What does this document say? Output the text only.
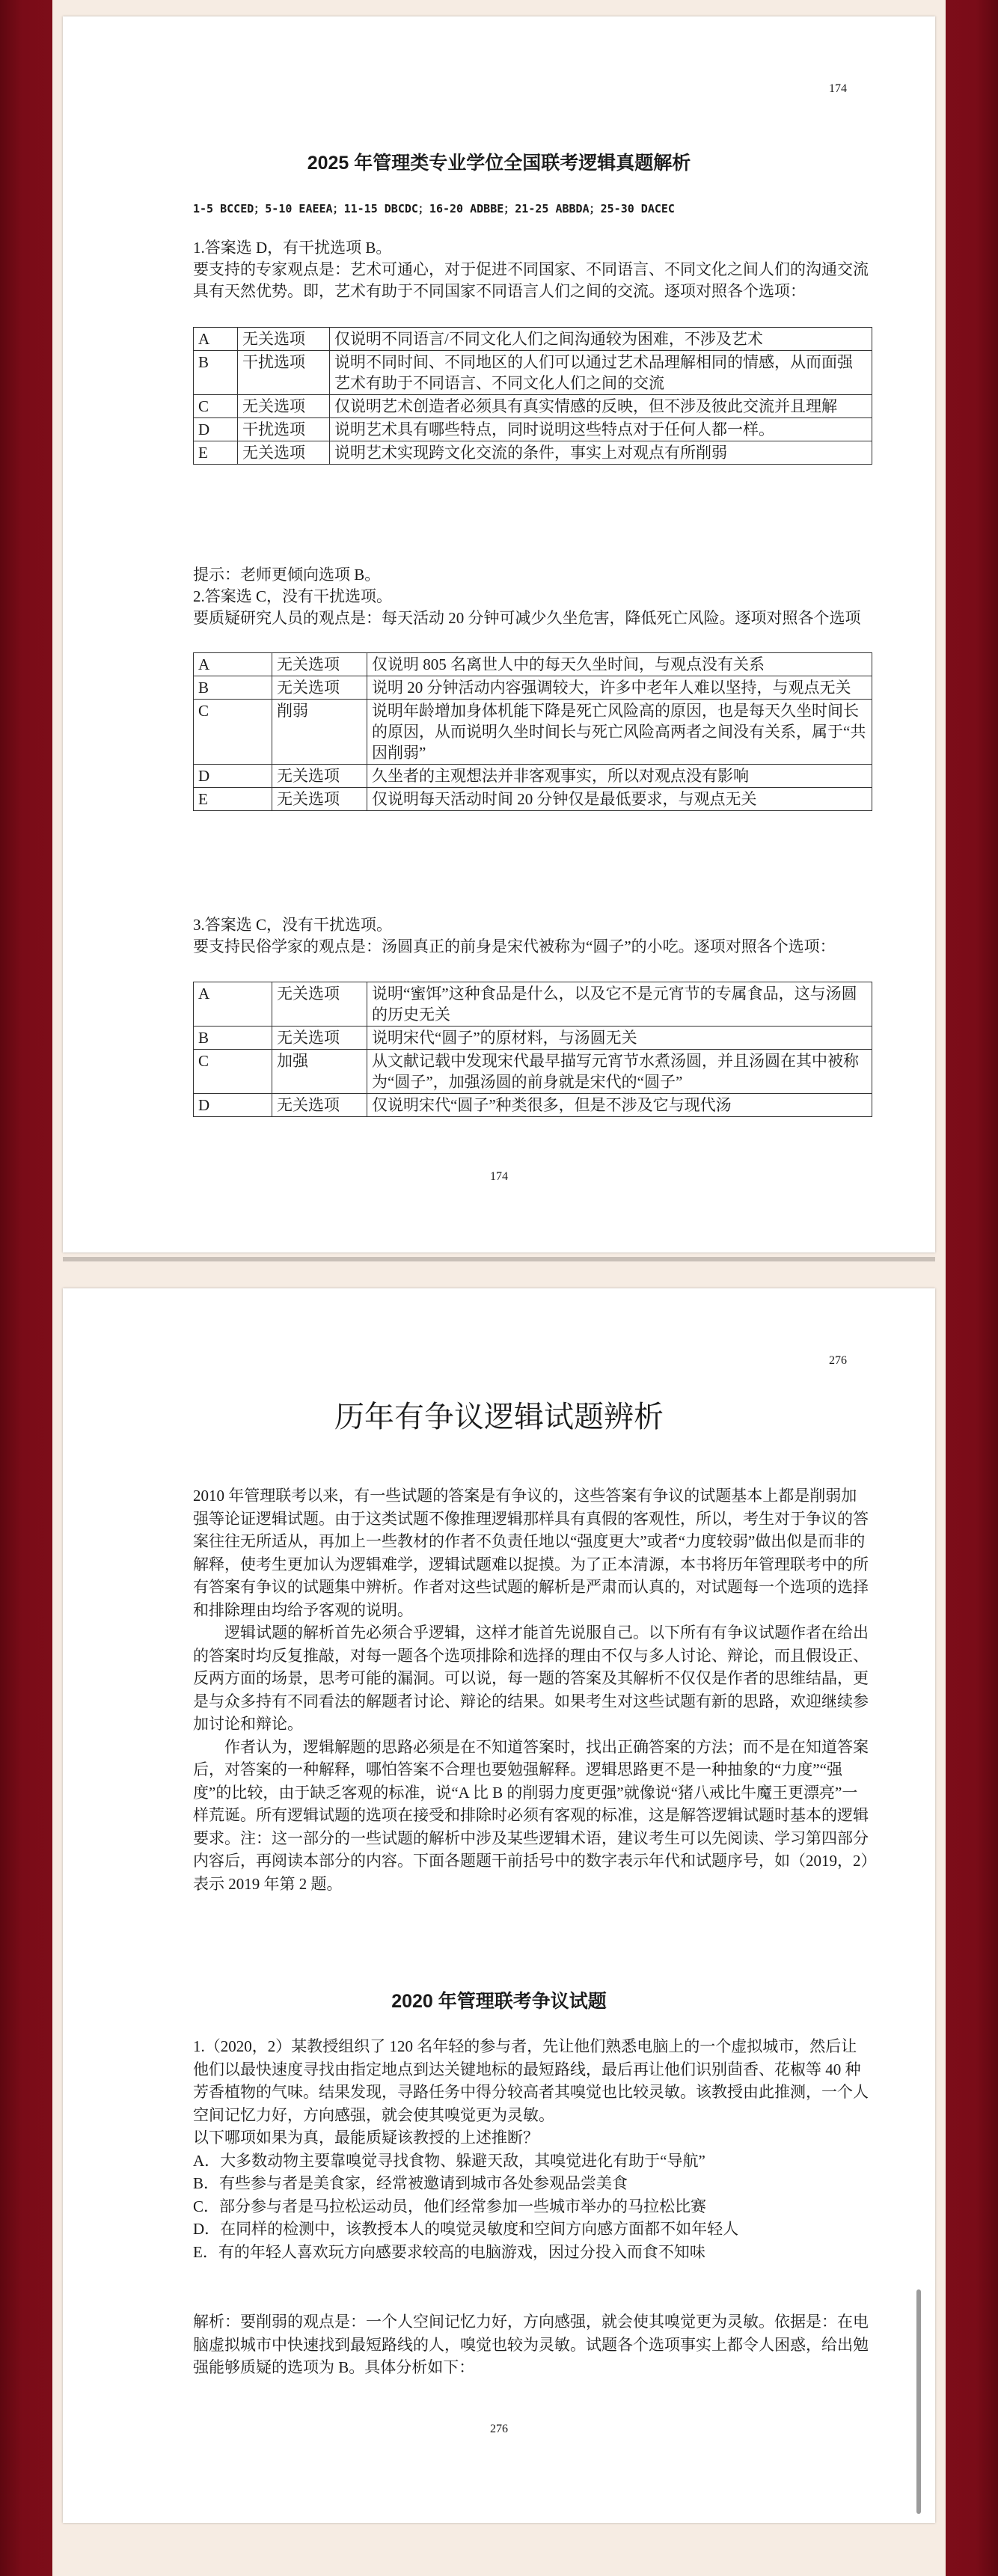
174
2025 年管理类专业学位全国联考逻辑真题解析
1-5 BCCED；5-10 EAEEA；11-15 DBCDC；16-20 ADBBE；21-25 ABBDA；25-30 DACEC

1.答案选 D，有干扰选项 B。

要支持的专家观点是：艺术可通心，对于促进不同国家、不同语言、不同文化之间人们的沟通交流具有天然优势。即，艺术有助于不同国家不同语言人们之间的交流。逐项对照各个选项：

A	无关选项	仅说明不同语言/不同文化人们之间沟通较为困难，不涉及艺术
B	干扰选项	说明不同时间、不同地区的人们可以通过艺术品理解相同的情感，从而面强艺术有助于不同语言、不同文化人们之间的交流
C	无关选项	仅说明艺术创造者必须具有真实情感的反映，但不涉及彼此交流并且理解
D	干扰选项	说明艺术具有哪些特点，同时说明这些特点对于任何人都一样。
E	无关选项	说明艺术实现跨文化交流的条件，事实上对观点有所削弱

提示：老师更倾向选项 B。

2.答案选 C，没有干扰选项。

要质疑研究人员的观点是：每天活动 20 分钟可减少久坐危害，降低死亡风险。逐项对照各个选项

A	无关选项	仅说明 805 名离世人中的每天久坐时间，与观点没有关系
B	无关选项	说明 20 分钟活动内容强调较大，许多中老年人难以坚持，与观点无关
C	削弱	说明年龄增加身体机能下降是死亡风险高的原因，也是每天久坐时间长的原因，从而说明久坐时间长与死亡风险高两者之间没有关系，属于“共因削弱”
D	无关选项	久坐者的主观想法并非客观事实，所以对观点没有影响
E	无关选项	仅说明每天活动时间 20 分钟仅是最低要求，与观点无关

3.答案选 C，没有干扰选项。

要支持民俗学家的观点是：汤圆真正的前身是宋代被称为“圆子”的小吃。逐项对照各个选项：

A	无关选项	说明“蜜饵”这种食品是什么，以及它不是元宵节的专属食品，这与汤圆的历史无关
B	无关选项	说明宋代“圆子”的原材料，与汤圆无关
C	加强	从文献记载中发现宋代最早描写元宵节水煮汤圆，并且汤圆在其中被称为“圆子”，加强汤圆的前身就是宋代的“圆子”
D	无关选项	仅说明宋代“圆子”种类很多，但是不涉及它与现代汤
174
276
历年有争议逻辑试题辨析

2010 年管理联考以来，有一些试题的答案是有争议的，这些答案有争议的试题基本上都是削弱加强等论证逻辑试题。由于这类试题不像推理逻辑那样具有真假的客观性，所以，考生对于争议的答案往往无所适从，再加上一些教材的作者不负责任地以“强度更大”或者“力度较弱”做出似是而非的解释，使考生更加认为逻辑难学，逻辑试题难以捉摸。为了正本清源，本书将历年管理联考中的所有答案有争议的试题集中辨析。作者对这些试题的解析是严肃而认真的，对试题每一个选项的选择和排除理由均给予客观的说明。

逻辑试题的解析首先必须合乎逻辑，这样才能首先说服自己。以下所有有争议试题作者在给出的答案时均反复推敲，对每一题各个选项排除和选择的理由不仅与多人讨论、辩论，而且假设正、反两方面的场景，思考可能的漏洞。可以说，每一题的答案及其解析不仅仅是作者的思维结晶，更是与众多持有不同看法的解题者讨论、辩论的结果。如果考生对这些试题有新的思路，欢迎继续参加讨论和辩论。

作者认为，逻辑解题的思路必须是在不知道答案时，找出正确答案的方法；而不是在知道答案后，对答案的一种解释，哪怕答案不合理也要勉强解释。逻辑思路更不是一种抽象的“力度”“强度”的比较，由于缺乏客观的标准，说“A 比 B 的削弱力度更强”就像说“猪八戒比牛魔王更漂亮”一样荒诞。所有逻辑试题的选项在接受和排除时必须有客观的标准，这是解答逻辑试题时基本的逻辑要求。注：这一部分的一些试题的解析中涉及某些逻辑术语，建议考生可以先阅读、学习第四部分内容后，再阅读本部分的内容。下面各题题干前括号中的数字表示年代和试题序号，如（2019，2）表示 2019 年第 2 题。

2020 年管理联考争议试题

1.（2020，2）某教授组织了 120 名年轻的参与者，先让他们熟悉电脑上的一个虚拟城市，然后让他们以最快速度寻找由指定地点到达关键地标的最短路线，最后再让他们识别茴香、花椒等 40 种芳香植物的气味。结果发现，寻路任务中得分较高者其嗅觉也比较灵敏。该教授由此推测，一个人空间记忆力好，方向感强，就会使其嗅觉更为灵敏。

以下哪项如果为真，最能质疑该教授的上述推断？

A．大多数动物主要靠嗅觉寻找食物、躲避天敌，其嗅觉进化有助于“导航”

B．有些参与者是美食家，经常被邀请到城市各处参观品尝美食

C．部分参与者是马拉松运动员，他们经常参加一些城市举办的马拉松比赛

D．在同样的检测中，该教授本人的嗅觉灵敏度和空间方向感方面都不如年轻人

E．有的年轻人喜欢玩方向感要求较高的电脑游戏，因过分投入而食不知味

解析：要削弱的观点是：一个人空间记忆力好，方向感强，就会使其嗅觉更为灵敏。依据是：在电脑虚拟城市中快速找到最短路线的人，嗅觉也较为灵敏。试题各个选项事实上都令人困惑，给出勉强能够质疑的选项为 B。具体分析如下：

276
